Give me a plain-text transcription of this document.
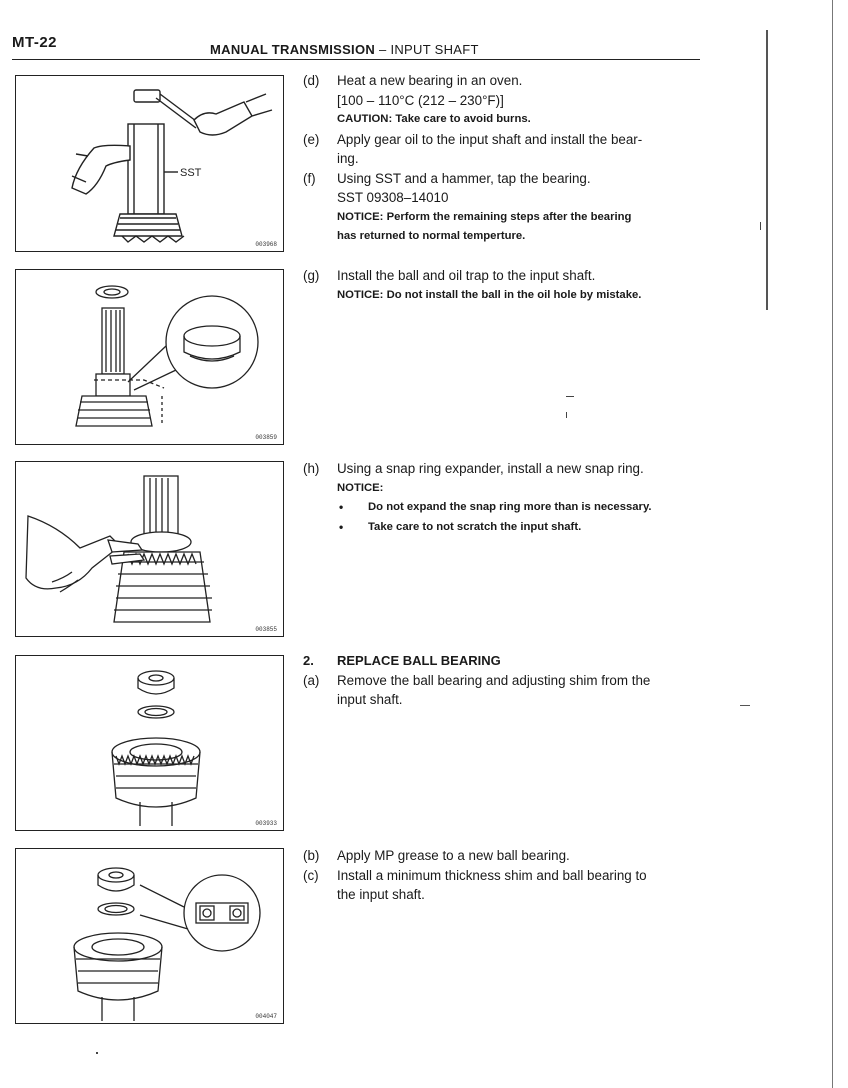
MT-22	MANUAL TRANSMISSION – INPUT SHAFT
SST
003968
003859
003855
003933
004047
(d) Heat a new bearing in an oven.
[100 – 110°C (212 – 230°F)]
CAUTION: Take care to avoid burns.
(e) Apply gear oil to the input shaft and install the bear-
ing.
(f) Using SST and a hammer, tap the bearing.
SST 09308–14010
NOTICE: Perform the remaining steps after the bearing
has returned to normal temperture.
(g) Install the ball and oil trap to the input shaft.
NOTICE: Do not install the ball in the oil hole by mistake.
(h) Using a snap ring expander, install a new snap ring.
NOTICE:
• Do not expand the snap ring more than is necessary.
• Take care to not scratch the input shaft.
2. REPLACE BALL BEARING
(a) Remove the ball bearing and adjusting shim from the
input shaft.
(b) Apply MP grease to a new ball bearing.
(c) Install a minimum thickness shim and ball bearing to
the input shaft.
